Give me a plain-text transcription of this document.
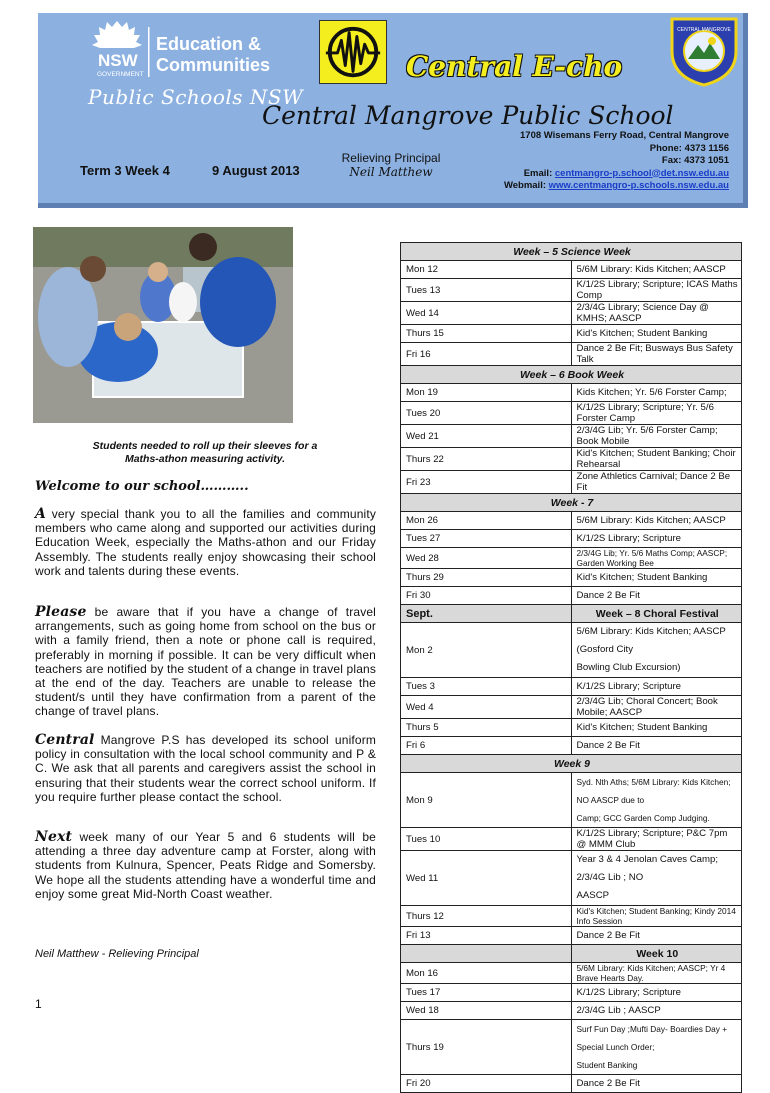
NSW
GOVERNMENT
Education &
Communities
Public Schools NSW
Central E-cho
CENTRAL MANGROVE
Central Mangrove Public School
Term 3 Week 4	9 August 2013
Relieving Principal
Neil Matthew
1708 Wisemans Ferry Road, Central Mangrove
Phone: 4373 1156
Fax: 4373 1051
Email: centmangro-p.school@det.nsw.edu.au
Webmail: www.centmangro-p.schools.nsw.edu.au
Students needed to roll up their sleeves for a
Maths-athon measuring activity.
Welcome to our school………..
A very special thank you to all the families and community members who came along and supported our activities during Education Week, especially the Maths-athon and our Friday Assembly. The students really enjoy showcasing their school work and talents during these events.
Please be aware that if you have a change of travel arrangements, such as going home from school on the bus or with a family friend, then a note or phone call is required, preferably in morning if possible. It can be very difficult when teachers are notified by the student of a change in travel plans at the end of the day. Teachers are unable to release the student/s until they have confirmation from a parent of the change of travel plans.
Central Mangrove P.S has developed its school uniform policy in consultation with the local school community and P & C. We ask that all parents and caregivers assist the school in ensuring that their students wear the correct school uniform. If you require further please contact the school.
Next week many of our Year 5 and 6 students will be attending a three day adventure camp at Forster, along with students from Kulnura, Spencer, Peats Ridge and Somersby. We hope all the students attending have a wonderful time and enjoy some great Mid-North Coast weather.
Neil Matthew - Relieving Principal
1
Week – 5 Science Week	
Mon 12	5/6M Library: Kids Kitchen; AASCP
Tues 13	K/1/2S Library; Scripture; ICAS Maths Comp
Wed 14	2/3/4G Library; Science Day @ KMHS; AASCP
Thurs 15	Kid's Kitchen; Student Banking
Fri 16	Dance 2 Be Fit; Busways Bus Safety Talk
Week – 6 Book Week	
Mon 19	Kids Kitchen; Yr. 5/6 Forster Camp;
Tues 20	K/1/2S Library; Scripture; Yr. 5/6 Forster Camp
Wed 21	2/3/4G Lib; Yr. 5/6 Forster Camp; Book Mobile
Thurs 22	Kid's Kitchen; Student Banking; Choir Rehearsal
Fri 23	Zone Athletics Carnival; Dance 2 Be Fit
Week - 7	
Mon 26	5/6M Library: Kids Kitchen; AASCP
Tues 27	K/1/2S Library; Scripture
Wed 28	2/3/4G Lib; Yr. 5/6 Maths Comp; AASCP; Garden Working Bee
Thurs 29	Kid's Kitchen; Student Banking
Fri 30	Dance 2 Be Fit
Sept.	Week – 8 Choral Festival
Mon 2	5/6M Library: Kids Kitchen; AASCP (Gosford City
Bowling Club Excursion)

Tues 3	K/1/2S Library; Scripture
Wed 4	2/3/4G Lib; Choral Concert; Book Mobile; AASCP
Thurs 5	Kid's Kitchen; Student Banking
Fri 6	Dance 2 Be Fit
Week 9	
Mon 9	Syd. Nth Aths; 5/6M Library: Kids Kitchen; NO AASCP due to
Camp; GCC Garden Comp Judging.

Tues 10	K/1/2S Library; Scripture; P&C 7pm @ MMM Club
Wed 11	Year 3 & 4 Jenolan Caves Camp; 2/3/4G Lib ; NO
AASCP

Thurs 12	Kid's Kitchen; Student Banking; Kindy 2014 Info Session
Fri 13	Dance 2 Be Fit
	Week 10
Mon 16	5/6M Library: Kids Kitchen; AASCP; Yr 4 Brave Hearts Day.
Tues 17	K/1/2S Library; Scripture
Wed 18	2/3/4G Lib ; AASCP
Thurs 19	Surf Fun Day ;Mufti Day- Boardies Day + Special Lunch Order;
Student Banking

Fri 20	Dance 2 Be Fit
